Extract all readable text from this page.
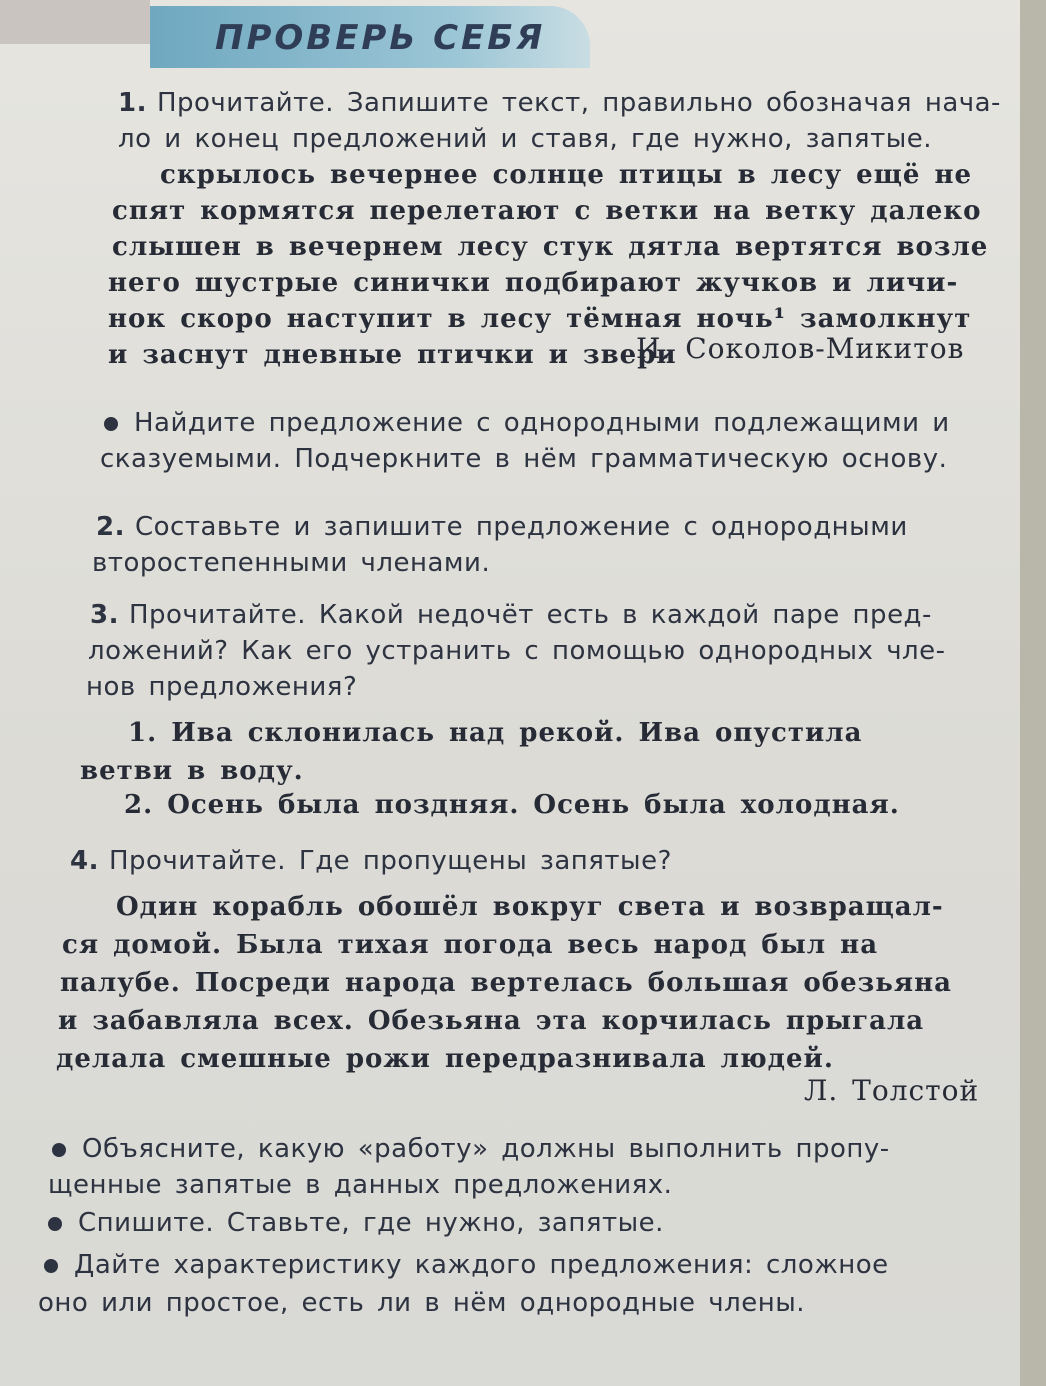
ПРОВЕРЬ СЕБЯ

1. Прочитайте. Запишите текст, правильно обозначая нача-

ло и конец предложений и ставя, где нужно, запятые.

скрылось вечернее солнце птицы в лесу ещё не

спят кормятся перелетают с ветки на ветку далеко

слышен в вечернем лесу стук дятла вертятся возле

него шустрые синички подбирают жучков и личи-

нок скоро наступит в лесу тёмная ночь¹ замолкнут

и заснут дневные птички и звери

И. Соколов-Микитов

Найдите предложение с однородными подлежащими и

сказуемыми. Подчеркните в нём грамматическую основу.

2. Составьте и запишите предложение с однородными

второстепенными членами.

3. Прочитайте. Какой недочёт есть в каждой паре пред-

ложений? Как его устранить с помощью однородных чле-

нов предложения?

1. Ива склонилась над рекой. Ива опустила

ветви в воду.

2. Осень была поздняя. Осень была холодная.

4. Прочитайте. Где пропущены запятые?

Один корабль обошёл вокруг света и возвращал-

ся домой. Была тихая погода весь народ был на

палубе. Посреди народа вертелась большая обезьяна

и забавляла всех. Обезьяна эта корчилась прыгала

делала смешные рожи передразнивала людей.

Л. Толстой

Объясните, какую «работу» должны выполнить пропу-

щенные запятые в данных предложениях.

Спишите. Ставьте, где нужно, запятые.

Дайте характеристику каждого предложения: сложное

оно или простое, есть ли в нём однородные члены.
